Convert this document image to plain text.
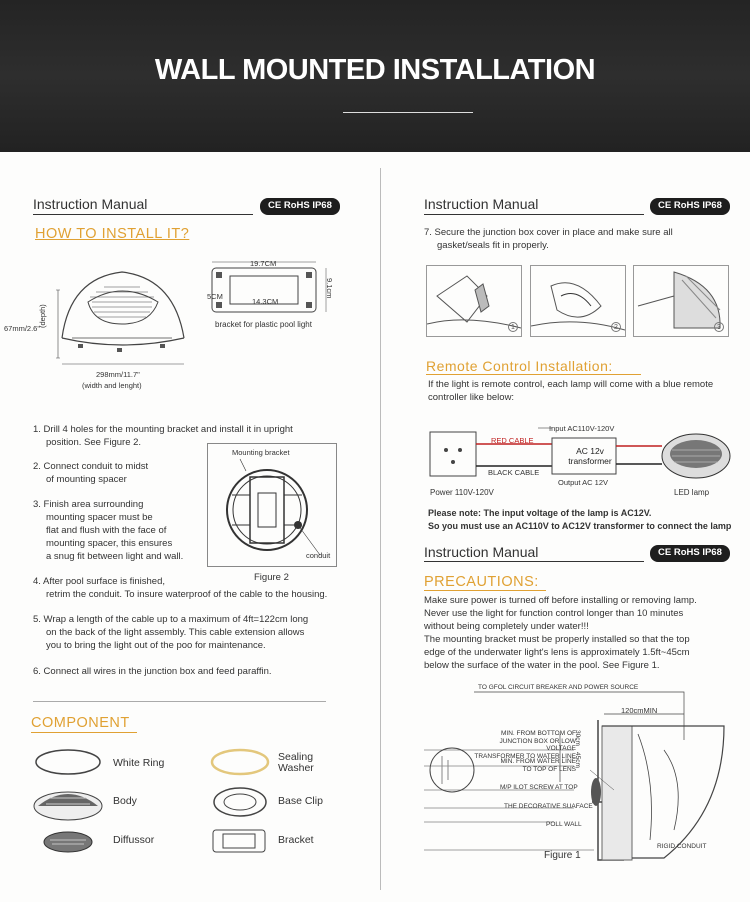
WALL MOUNTED INSTALLATION
Instruction Manual	CE RoHS IP68
HOW TO INSTALL IT?
67mm/2.6"
(depth)
298mm/11.7"
(width and lenght)
19.7CM
14.3CM
5CM	9.1cm
bracket for plastic pool light
1. Drill 4 holes for the mounting bracket and install it in upright
position. See Figure 2.
2. Connect conduit to midst
of mounting spacer
3. Finish area surrounding
mounting spacer must be
flat and flush with the face of
mounting spacer, this ensures
a snug fit between light and wall.
4. After pool surface is finished,
retrim the conduit. To insure waterproof of the cable to the housing.
5. Wrap a length of the cable up to a maximum of 4ft=122cm long
on the back of the light assembly. This cable extension allows
you to bring the light out of the poo for maintenance.
6. Connect all wires in the junction box and feed paraffin.
Mounting bracket
conduit
Figure 2
COMPONENT
White Ring
Body
Diffussor
Sealing
Washer
Base Clip
Bracket
Instruction Manual	CE RoHS IP68
7. Secure the junction box cover in place and make sure all
gasket/seals fit in properly.
1	2	3
Remote Control Installation:
If the light is remote control, each lamp will come with a blue remote
controller like below:
Input AC110V-120V
RED CABLE
BLACK CABLE
AC 12v
transformer
Output AC 12V
Power 110V-120V	LED lamp
Please note: The input voltage of the lamp is AC12V.
So you must use an AC110V to AC12V transformer to connect the lamp
Instruction Manual	CE RoHS IP68
PRECAUTIONS:
Make sure power is turned off before installing or removing lamp.
Never use the light for function control longer than 10 minutes
without being completely under water!!!
The mounting bracket must be properly installed so that the top
edge of the underwater light's lens is approximately 1.5ft~45cm
below the surface of the water in the pool. See Figure 1.
TO GFOL CIRCUIT BREAKER AND POWER SOURCE
120cmMIN
MIN. FROM BOTTOM OF
JUNCTION BOX OR LOW VOLTAGE
TRANSFORMER TO WATER LINE
30cm
45cm
MIN. FROM WATER LINE
TO TOP OF LENS
M/P ILOT SCREW AT TOP
THE DECORATIVE SUAFACE
POLL WALL
RIGID CONDUIT
Figure 1
